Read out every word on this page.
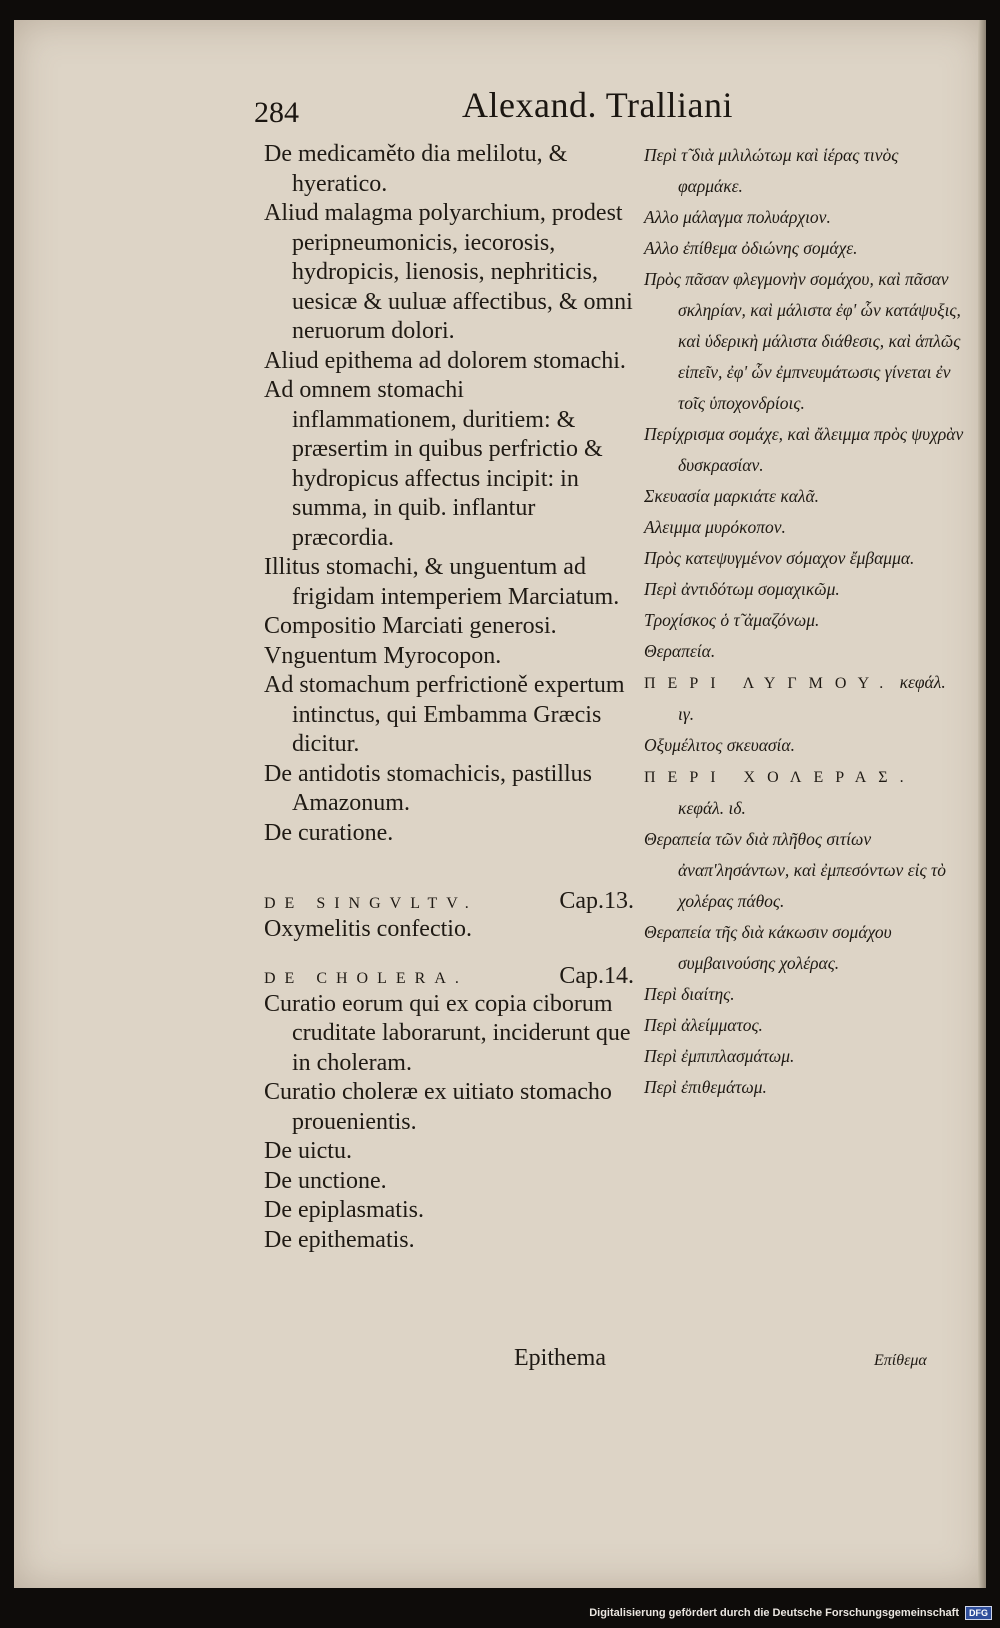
284	Alexand. Tralliani

De medicaměto dia melilotu, & hyeratico.

Aliud malagma polyarchium, prodest peripneumonicis, iecorosis, hydropicis, lienosis, nephriticis, uesicæ & uuluæ affectibus, & omni neruorum dolori.

Aliud epithema ad dolorem stomachi.

Ad omnem stomachi inflammationem, duritiem: & præsertim in quibus perfrictio & hydropicus affectus incipit: in summa, in quib. inflantur præcordia.

Illitus stomachi, & unguentum ad frigidam intemperiem Marciatum.

Compositio Marciati generosi.

Vnguentum Myrocopon.

Ad stomachum perfrictioně expertum intinctus, qui Embamma Græcis dicitur.

De antidotis stomachicis, pastillus Amazonum.

De curatione.

DE SINGVLTV.	Cap.13.

Oxymelitis confectio.

DE CHOLERA.	Cap.14.

Curatio eorum qui ex copia ciborum cruditate laborarunt, inciderunt que in choleram.

Curatio choleræ ex uitiato stomacho prouenientis.

De uictu.

De unctione.

De epiplasmatis.

De epithematis.

Περὶ τ̃ διὰ μιλιλώτωμ καὶ ἱέρας τινὸς φαρμάκε.

Αλλο μάλαγμα πολυάρχιον.

Αλλο ἐπίθεμα ὀδιώνης σομάχε.

Πρὸς πᾶσαν φλεγμονὴν σομάχου, καὶ πᾶσαν σκληρίαν, καὶ μάλιστα ἐφ' ὧν κατάψυξις, καὶ ὑδερικὴ μάλιστα διάθεσις, καὶ ἁπλῶς εἰπεῖν, ἐφ' ὧν ἐμπνευμάτωσις γίνεται ἐν τοῖς ὑποχονδρίοις.

Περίχρισμα σομάχε, καὶ ἄλειμμα πρὸς ψυχρὰν δυσκρασίαν.

Σκευασία μαρκιάτε καλᾶ.

Αλειμμα μυρόκοπον.

Πρὸς κατεψυγμένον σόμαχον ἔμβαμμα.

Περὶ ἀντιδότωμ σομαχικῶμ.

Τροχίσκος ὁ τ̃ ἀμαζόνωμ.

Θεραπεία.

ΠΕΡΙ ΛΥΓΜΟΥ. κεφάλ. ιγ.

Οξυμέλιτος σκευασία.

ΠΕΡΙ ΧΟΛΕΡΑΣ. κεφάλ. ιδ.

Θεραπεία τῶν διὰ πλῆθος σιτίων ἀναπ'λησάντων, καὶ ἐμπεσόντων εἰς τὸ χολέρας πάθος.

Θεραπεία τῆς διὰ κάκωσιν σομάχου συμβαινούσης χολέρας.

Περὶ διαίτης.

Περὶ ἀλείμματος.

Περὶ ἐμπιπλασμάτωμ.

Περὶ ἐπιθεμάτωμ.

Epithema	Επίθεμα
Digitalisierung gefördert durch die Deutsche Forschungsgemeinschaft	DFG
